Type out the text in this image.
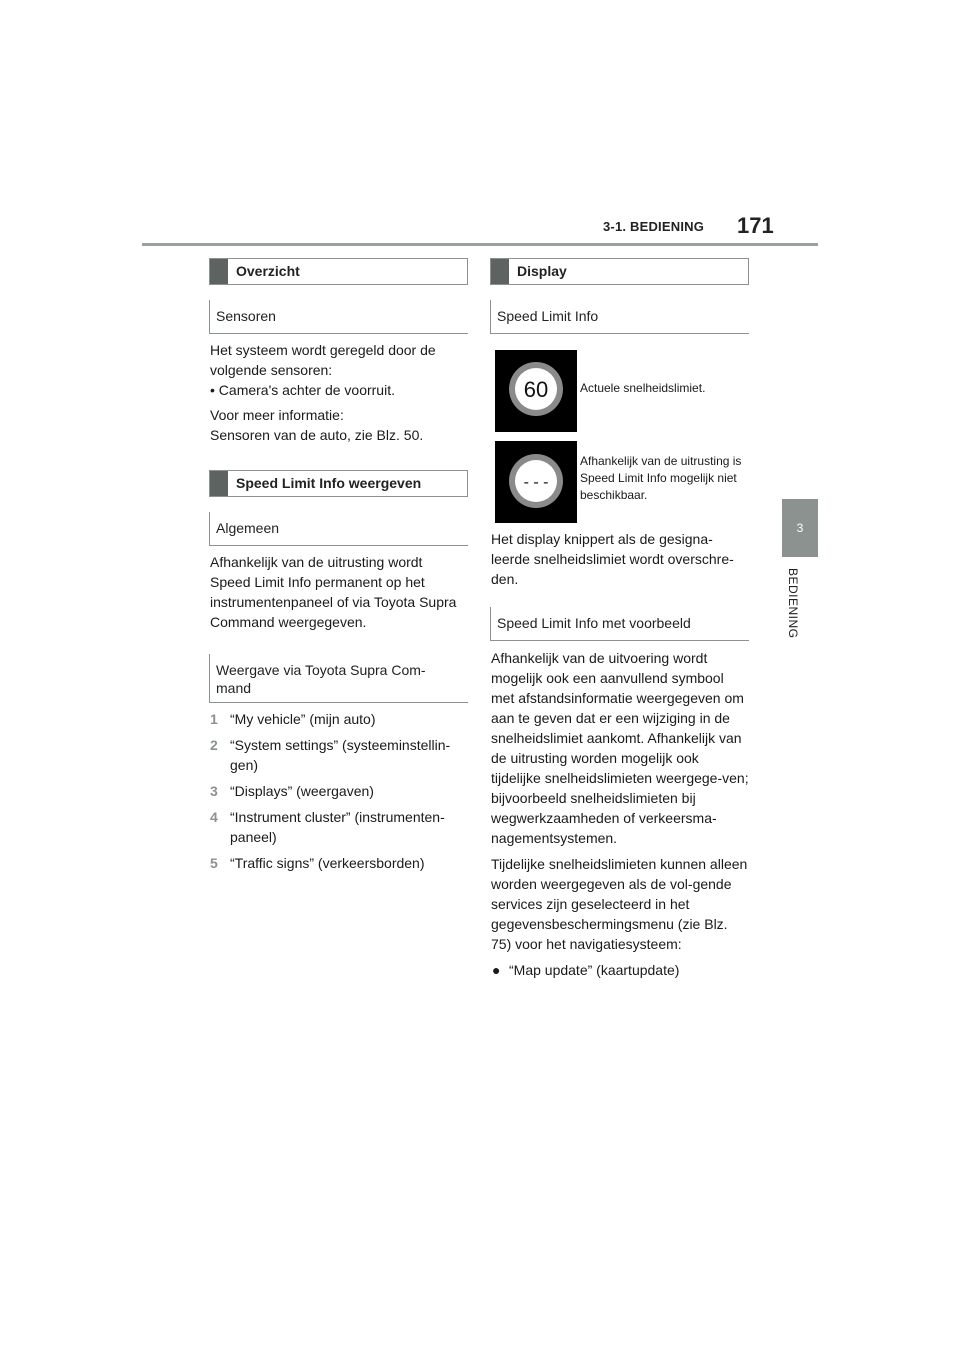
3-1. BEDIENING 171
3
BEDIENING
Overzicht
Sensoren

Het systeem wordt geregeld door de volgende sensoren:

• Camera's achter de voorruit.

Voor meer informatie:

Sensoren van de auto, zie Blz. 50.

Speed Limit Info weergeven
Algemeen

Afhankelijk van de uitrusting wordt Speed Limit Info permanent op het instrumentenpaneel of via Toyota Supra Command weergegeven.

Weergave via Toyota Supra Com-
mand
1 “My vehicle” (mijn auto)
2 “System settings” (systeeminstellin-gen)
3 “Displays” (weergaven)
4 “Instrument cluster” (instrumenten-paneel)
5 “Traffic signs” (verkeersborden)
Display
Speed Limit Info
60	Actuele snelheidslimiet.
- - -
Afhankelijk van de uitrusting is Speed Limit Info mogelijk niet beschikbaar.

Het display knippert als de gesigna-leerde snelheidslimiet wordt overschre-den.

Speed Limit Info met voorbeeld

Afhankelijk van de uitvoering wordt mogelijk ook een aanvullend symbool met afstandsinformatie weergegeven om aan te geven dat er een wijziging in de snelheidslimiet aankomt. Afhankelijk van de uitrusting worden mogelijk ook tijdelijke snelheidslimieten weergege-ven; bijvoorbeeld snelheidslimieten bij wegwerkzaamheden of verkeersma-nagementsystemen.

Tijdelijke snelheidslimieten kunnen alleen worden weergegeven als de vol-gende services zijn geselecteerd in het gegevensbeschermingsmenu (zie Blz. 75) voor het navigatiesysteem:

● “Map update” (kaartupdate)
